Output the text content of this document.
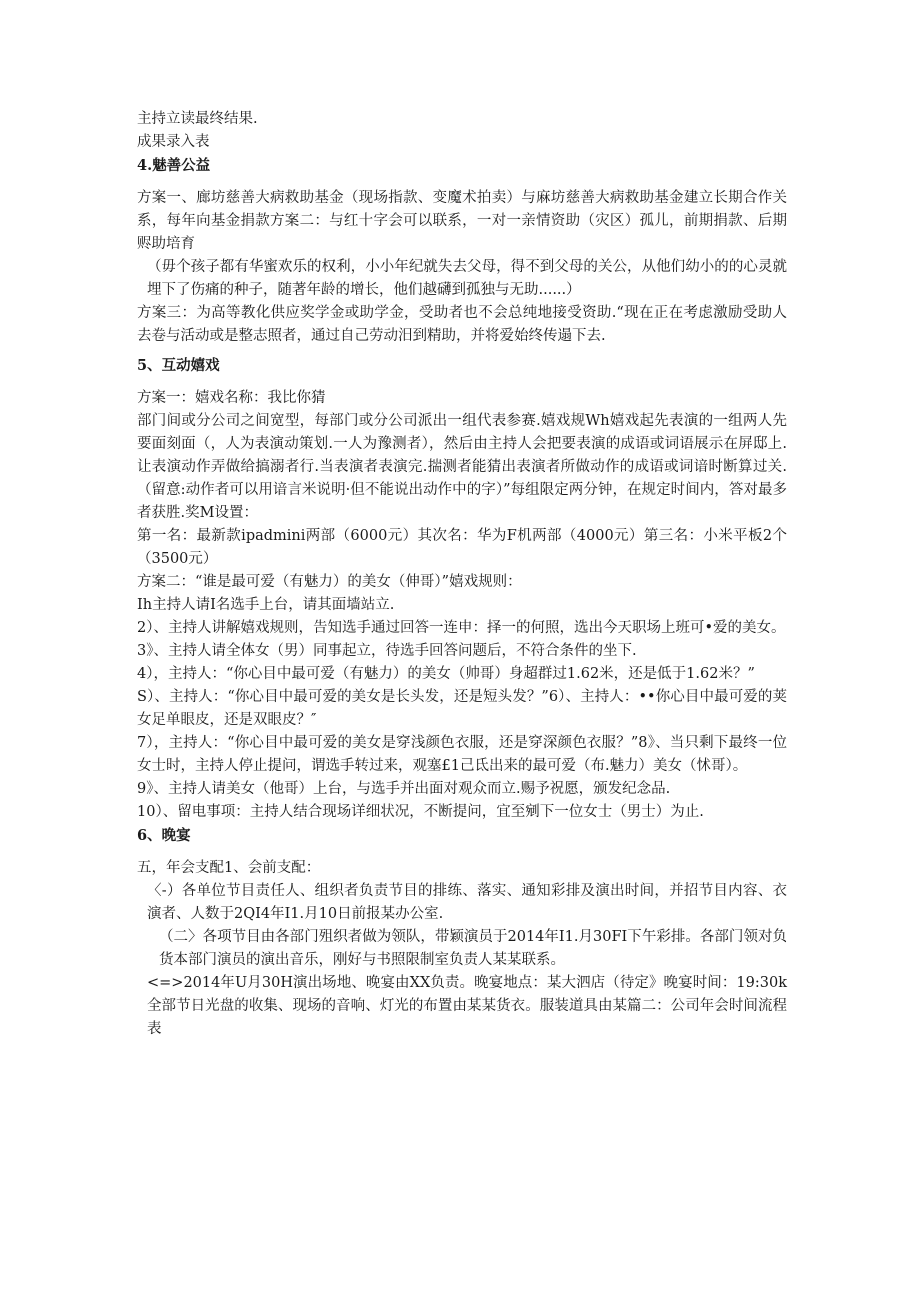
主持立读最终结果.
成果录入表
4.魅善公益
方案一、廊坊慈善大病救助基金（现场指款、变魔术拍卖）与麻坊慈善大病救助基金建立长期合作关系，每年向基金捐款方案二：与红十字会可以联系，一对一亲情资助（灾区）孤儿，前期捐款、后期赆助培育
（毋个孩子都有华蜜欢乐的权利，小小年纪就失去父母，得不到父母的关公，从他们幼小的的心灵就埋下了伤痛的种子，随著年龄的增长，他们越礴到孤独与无助......）
方案三：为高等教化供应奖学金或助学金，受助者也不会总纯地接受资助.“现在正在考虑激励受助人去卷与活动或是整志照者，通过自己劳动汨到精助，并将爱始终传遢下去.
5、互动嬉戏
方案一：嬉戏名称：我比你猜
部门间或分公司之间宽型，每部门或分公司派出一组代表参赛.嬉戏规Wh嬉戏起先表演的一组两人先要面刻面（，人为表演动策划.一人为豫测者），然后由主持人会把要表演的成语或词语展示在屏邸上.让表演动作弄做给搞溺者行.当表演者表演完.揣测者能猜出表演者所做动作的成语或词谙时断算过关.（留意:动作者可以用谙言米说明·但不能说出动作中的字）”每组限定两分钟，在规定时间内，答对最多者获胜.奖M设置：
第一名：最新款ipadmini两部（6000元）其次名：华为F机两部（4000元）第三名：小米平板2个（3500元）
方案二：“谁是最可爱（有魅力）的美女（伸哥）”嬉戏规则：
Ih主持人请I名选手上台，请其面墙站立.
2）、主持人讲解嬉戏规则，告知选手通过回答一连申：择一的何照，选出今天职场上班可•爱的美女。
3》、主持人请全体女（男）同事起立，待选手回答问题后，不符合条件的坐下.
4），主持人：“你心目中最可爱（有魅力）的美女（帅哥）身超群过1.62米，还是低于1.62米？”
S）、主持人：“你心目中最可爱的美女是长头发，还是短头发？”6）、主持人：••你心目中最可爱的荚女足单眼皮，还是双眼皮？″
7），主持人：“你心目中最可爱的美女是穿浅颜色衣服，还是穿深颜色衣服？”8》、当只剩下最终一位女士时，主持人停止提问，谓选手转过来，观塞£1己氐出来的最可爱（布.魅力）美女（怵哥）。
9》、主持人请美女（他哥）上台，与选手并出面对观众而立.赐予祝愿，颁发纪念品.
10）、留电事项：主持人结合现场详细状况，不断提问，宜至剜下一位女士（男士）为止.
6、晚宴
五，年会支配1、会前支配：
〈-）各单位节目责任人、组织者负责节目的排练、落实、通知彩排及演出时间，并招节目内容、衣演者、人数于2QI4年I1.月10日前报某办公室.
（二〉各项节目由各部门殂织者做为领队，带颖演员于2014年I1.月30FI下午彩排。各部门领对负货本部门演员的演出音乐，刚好与书照限制室负责人某某联系。
<=>2014年U月30H演出场地、晚宴由XX负责。晚宴地点：某大泗店（待定》晚宴时间：19:30k全部节日光盘的收集、现场的音响、灯光的布置由某某货衣。服装道具由某篇二：公司年会时间流程表
